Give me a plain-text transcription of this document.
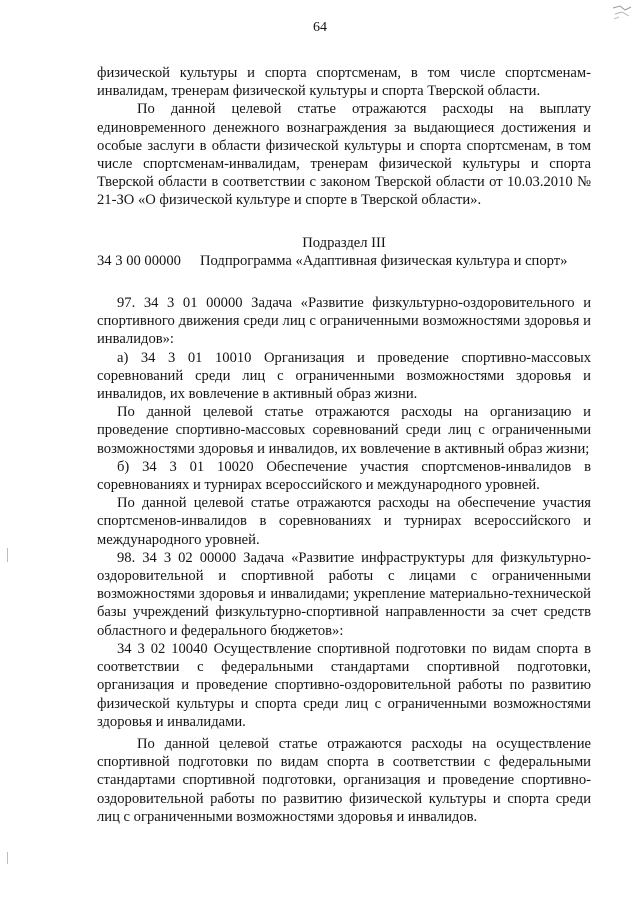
64

физической культуры и спорта спортсменам, в том числе спортсменам-инвалидам, тренерам физической культуры и спорта Тверской области.

По данной целевой статье отражаются расходы на выплату единовременного денежного вознаграждения за выдающиеся достижения и особые заслуги в области физической культуры и спорта спортсменам, в том числе спортсменам-инвалидам, тренерам физической культуры и спорта Тверской области в соответствии с законом Тверской области от 10.03.2010 № 21-ЗО «О физической культуре и спорте в Тверской области».

Подраздел III

34 3 00 00000	Подпрограмма «Адаптивная физическая культура и спорт»

97. 34 3 01 00000 Задача «Развитие физкультурно-оздоровительного и спортивного движения среди лиц с ограниченными возможностями здоровья и инвалидов»:

а) 34 3 01 10010 Организация и проведение спортивно-массовых соревнований среди лиц с ограниченными возможностями здоровья и инвалидов, их вовлечение в активный образ жизни.

По данной целевой статье отражаются расходы на организацию и проведение спортивно-массовых соревнований среди лиц с ограниченными возможностями здоровья и инвалидов, их вовлечение в активный образ жизни;

б) 34 3 01 10020 Обеспечение участия спортсменов-инвалидов в соревнованиях и турнирах всероссийского и международного уровней.

По данной целевой статье отражаются расходы на обеспечение участия спортсменов-инвалидов в соревнованиях и турнирах всероссийского и международного уровней.

98. 34 3 02 00000 Задача «Развитие инфраструктуры для физкультурно-оздоровительной и спортивной работы с лицами с ограниченными возможностями здоровья и инвалидами; укрепление материально-технической базы учреждений физкультурно-спортивной направленности за счет средств областного и федерального бюджетов»:

34 3 02 10040 Осуществление спортивной подготовки по видам спорта в соответствии с федеральными стандартами спортивной подготовки, организация и проведение спортивно-оздоровительной работы по развитию физической культуры и спорта среди лиц с ограниченными возможностями здоровья и инвалидами.

По данной целевой статье отражаются расходы на осуществление спортивной подготовки по видам спорта в соответствии с федеральными стандартами спортивной подготовки, организация и проведение спортивно-оздоровительной работы по развитию физической культуры и спорта среди лиц с ограниченными возможностями здоровья и инвалидов.
